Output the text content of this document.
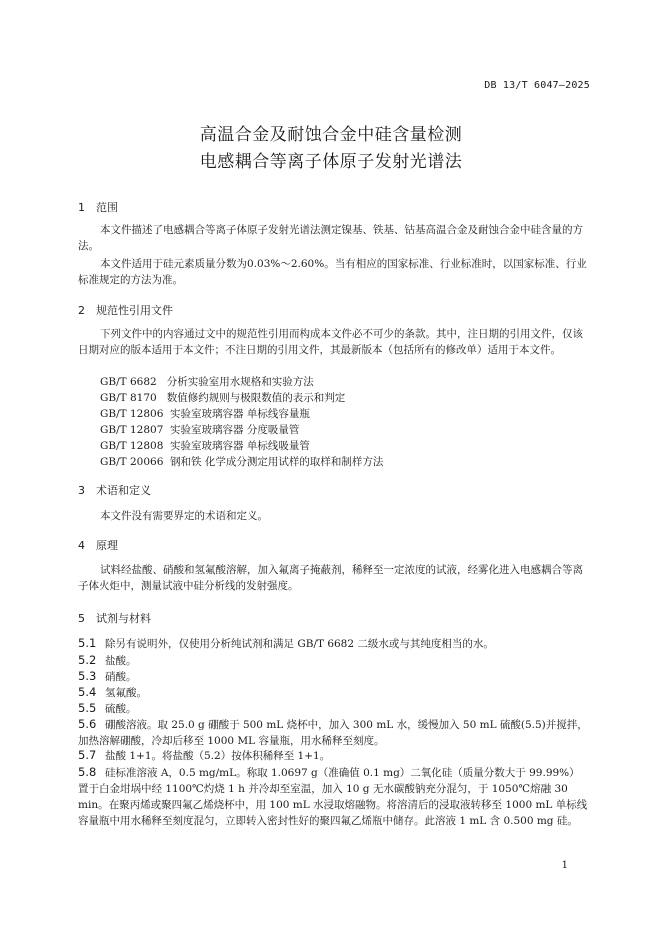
DB 13/T 6047—2025
高温合金及耐蚀合金中硅含量检测
电感耦合等离子体原子发射光谱法
1 范围
本文件描述了电感耦合等离子体原子发射光谱法测定镍基、铁基、钴基高温合金及耐蚀合金中硅含量的方法。
本文件适用于硅元素质量分数为0.03%～2.60%。当有相应的国家标准、行业标准时，以国家标准、行业标准规定的方法为准。
2 规范性引用文件
下列文件中的内容通过文中的规范性引用而构成本文件必不可少的条款。其中，注日期的引用文件，仅该日期对应的版本适用于本文件；不注日期的引用文件，其最新版本（包括所有的修改单）适用于本文件。
GB/T 6682   分析实验室用水规格和实验方法
GB/T 8170   数值修约规则与极限数值的表示和判定
GB/T 12806  实验室玻璃容器 单标线容量瓶
GB/T 12807  实验室玻璃容器 分度吸量管
GB/T 12808  实验室玻璃容器 单标线吸量管
GB/T 20066  钢和铁 化学成分测定用试样的取样和制样方法
3 术语和定义
本文件没有需要界定的术语和定义。
4 原理
试料经盐酸、硝酸和氢氟酸溶解，加入氟离子掩蔽剂，稀释至一定浓度的试液，经雾化进入电感耦合等离子体火炬中，测量试液中硅分析线的发射强度。
5 试剂与材料
5.1 除另有说明外，仅使用分析纯试剂和满足 GB/T 6682 二级水或与其纯度相当的水。
5.2 盐酸。
5.3 硝酸。
5.4 氢氟酸。
5.5 硫酸。
5.6 硼酸溶液。取 25.0 g 硼酸于 500 mL 烧杯中，加入 300 mL 水，缓慢加入 50 mL 硫酸(5.5)并搅拌，加热溶解硼酸，冷却后移至 1000 ML 容量瓶，用水稀释至刻度。
5.7 盐酸 1+1。将盐酸（5.2）按体积稀释至 1+1。
5.8 硅标准溶液 A，0.5 mg/mL。称取 1.0697 g（准确值 0.1 mg）二氧化硅（质量分数大于 99.99%）置于白金坩埚中经 1100℃灼烧 1 h 并冷却至室温，加入 10 g 无水碳酸钠充分混匀，于 1050℃熔融 30 min。在聚丙烯或聚四氟乙烯烧杯中，用 100 mL 水浸取熔融物。将溶清后的浸取液转移至 1000 mL 单标线容量瓶中用水稀释至刻度混匀，立即转入密封性好的聚四氟乙烯瓶中储存。此溶液 1 mL 含 0.500 mg 硅。
1
